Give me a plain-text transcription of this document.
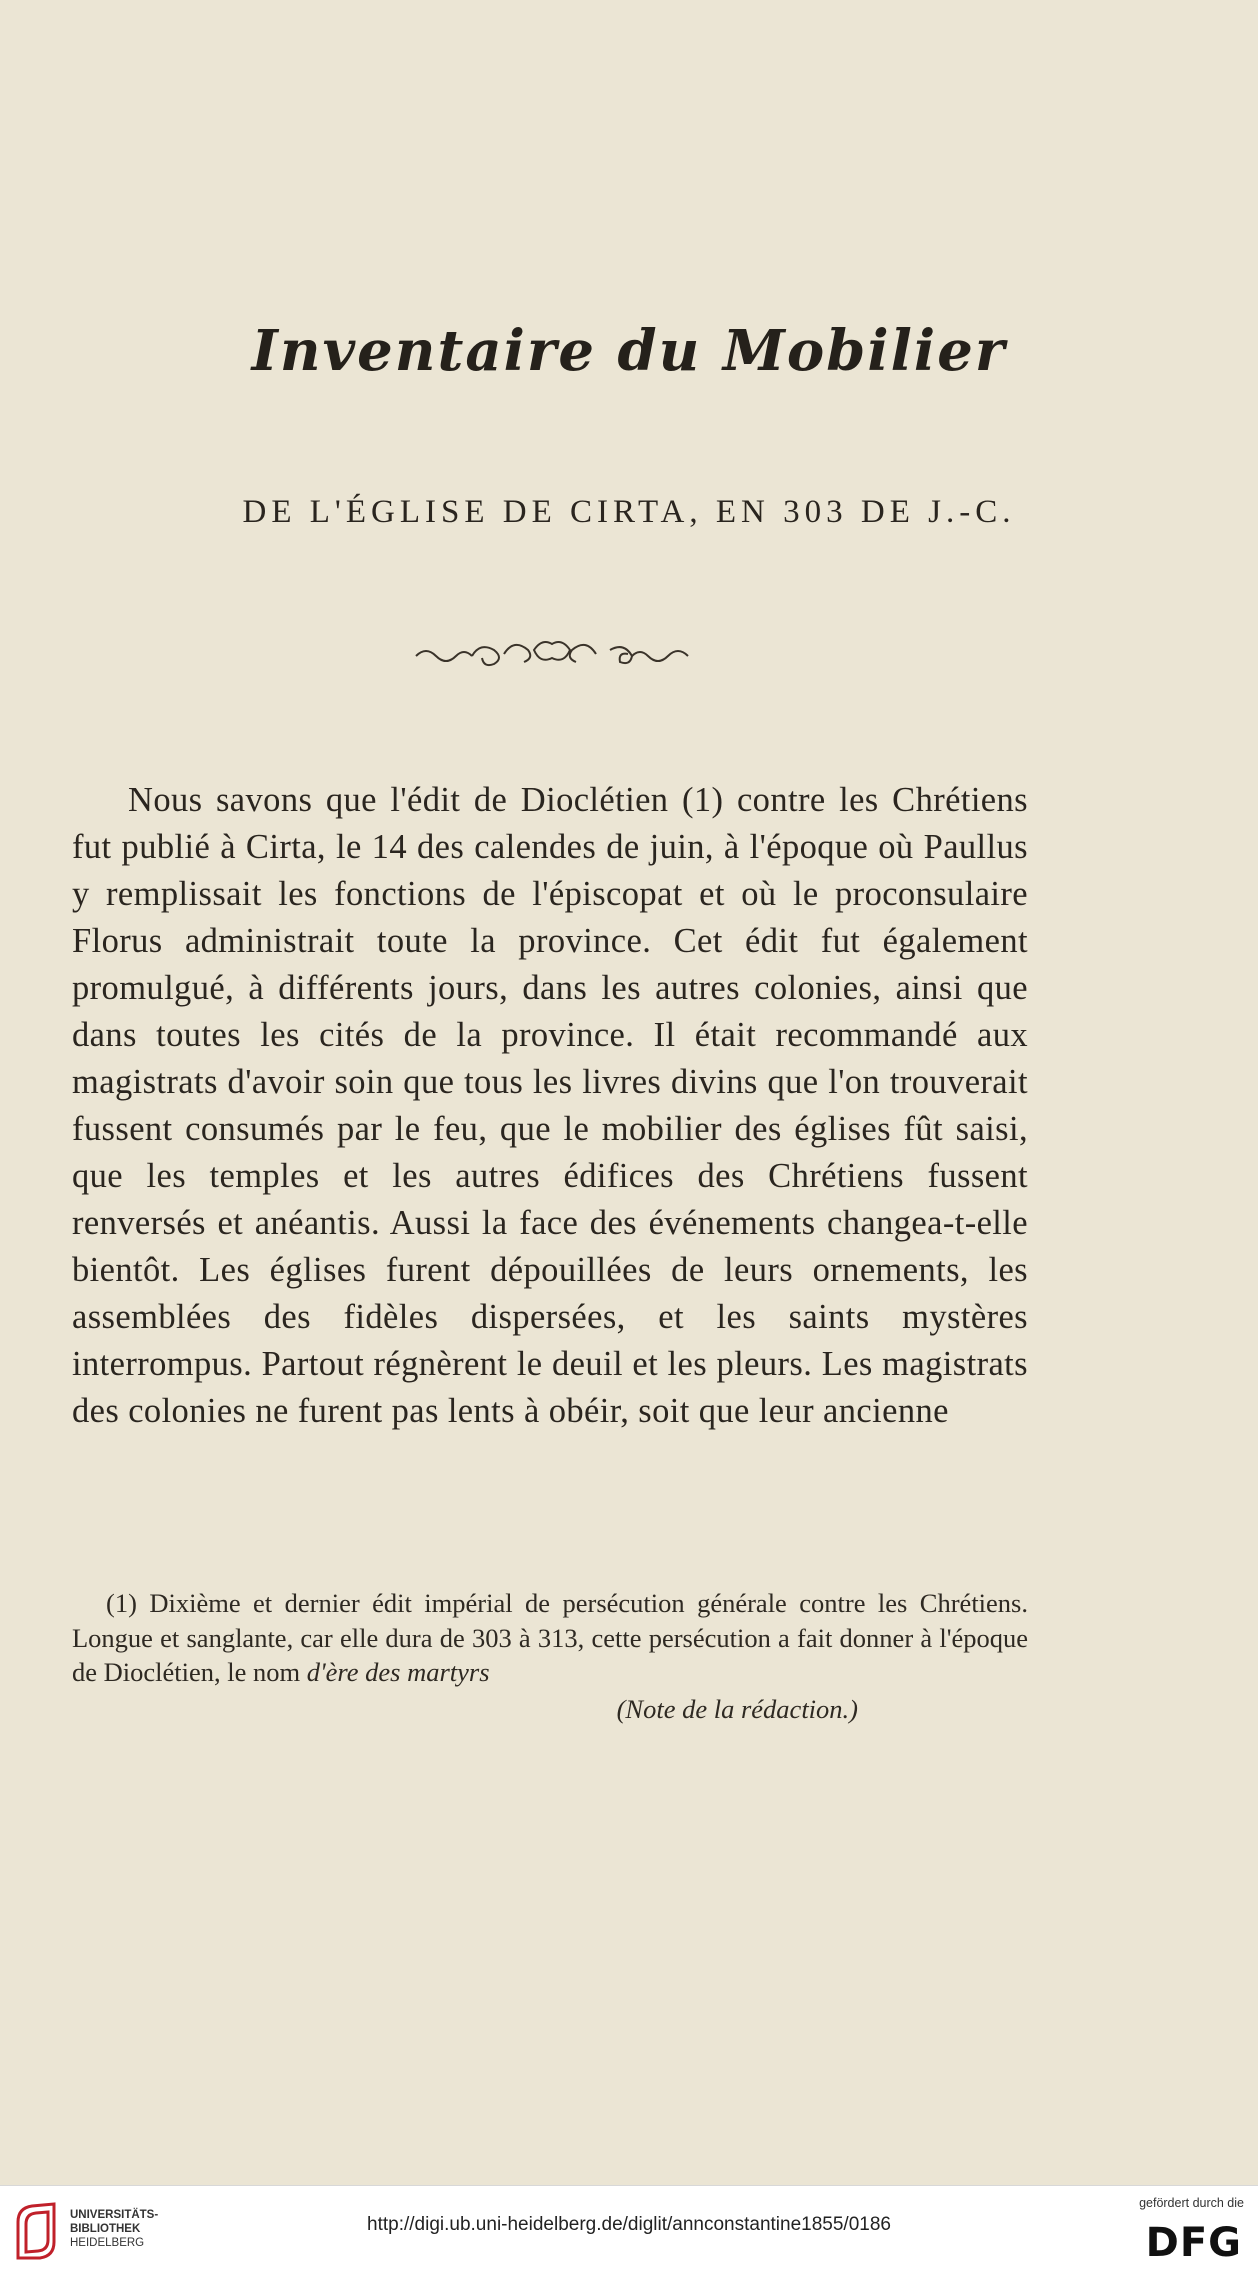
Inventaire du Mobilier
DE L'ÉGLISE DE CIRTA, EN 303 DE J.-C.

Nous savons que l'édit de Dioclétien (1) contre les Chrétiens fut publié à Cirta, le 14 des calendes de juin, à l'époque où Paullus y remplissait les fonctions de l'épiscopat et où le proconsulaire Florus administrait toute la province. Cet édit fut également promulgué, à différents jours, dans les autres colonies, ainsi que dans toutes les cités de la province. Il était recommandé aux magistrats d'avoir soin que tous les livres divins que l'on trouverait fussent consumés par le feu, que le mobilier des églises fût saisi, que les temples et les autres édifices des Chrétiens fussent renversés et anéantis. Aussi la face des événements changea-t-elle bientôt. Les églises furent dépouillées de leurs ornements, les assemblées des fidèles dispersées, et les saints mystères interrompus. Partout régnèrent le deuil et les pleurs. Les magistrats des colonies ne furent pas lents à obéir, soit que leur ancienne

(1) Dixième et dernier édit impérial de persécution générale contre les Chrétiens. Longue et sanglante, car elle dura de 303 à 313, cette persécution a fait donner à l'époque de Dioclétien, le nom d'ère des martyrs

(Note de la rédaction.)
UNIVERSITÄTS-
BIBLIOTHEK
HEIDELBERG
http://digi.ub.uni-heidelberg.de/diglit/annconstantine1855/0186
gefördert durch die
DFG
